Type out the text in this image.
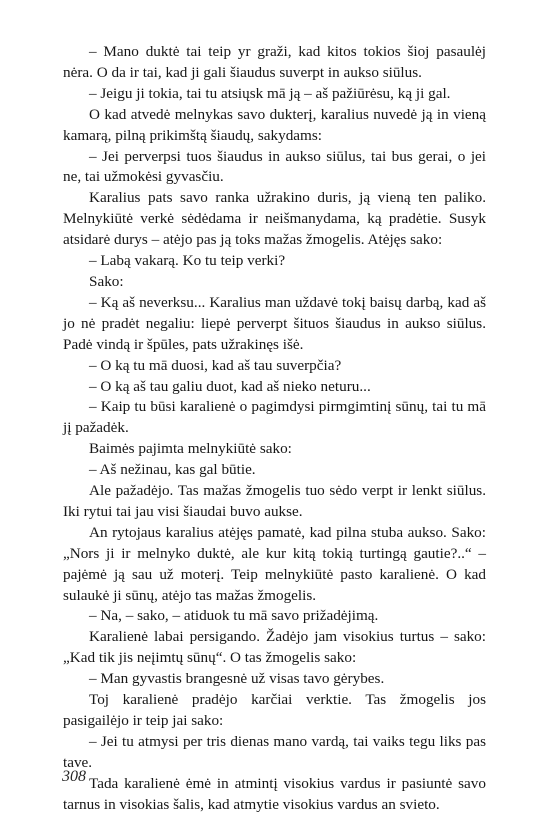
– Mano duktė tai teip yr graži, kad kitos tokios šioj pasaulėj nėra. O da ir tai, kad ji gali šiaudus suverpt in aukso siūlus.

– Jeigu ji tokia, tai tu atsiųsk mā ją – aš pažiūrėsu, ką ji gal.

O kad atvedė melnykas savo dukterį, karalius nuvedė ją in vieną kamarą, pilną prikimštą šiaudų, sakydams:

– Jei perverpsi tuos šiaudus in aukso siūlus, tai bus gerai, o jei ne, tai užmokėsi gyvasčiu.

Karalius pats savo ranka užrakino duris, ją vieną ten paliko. Melnykiūtė verkė sėdėdama ir neišmanydama, ką pradėtie. Susyk atsidarė durys – atėjo pas ją toks mažas žmogelis. Atėjęs sako:

– Labą vakarą. Ko tu teip verki?

Sako:

– Ką aš neverksu... Karalius man uždavė tokį baisų darbą, kad aš jo nė pradėt negaliu: liepė perverpt šituos šiaudus in aukso siūlus. Padė vindą ir špūles, pats užrakinęs išė.

– O ką tu mā duosi, kad aš tau suverpčia?

– O ką aš tau galiu duot, kad aš nieko neturu...

– Kaip tu būsi karalienė o pagimdysi pirmgimtinį sūnų, tai tu mā jį pažadėk.

Baimės pajimta melnykiūtė sako:

– Aš nežinau, kas gal būtie.

Ale pažadėjo. Tas mažas žmogelis tuo sėdo verpt ir lenkt siūlus. Iki rytui tai jau visi šiaudai buvo aukse.

An rytojaus karalius atėjęs pamatė, kad pilna stuba aukso. Sako: „Nors ji ir melnyko duktė, ale kur kitą tokią turtingą gautie?..“ – pajėmė ją sau už moterį. Teip melnykiūtė pasto karalienė. O kad sulaukė ji sūnų, atėjo tas mažas žmogelis.

– Na, – sako, – atiduok tu mā savo prižadėjimą.

Karalienė labai persigando. Žadėjo jam visokius turtus – sako: „Kad tik jis neįimtų sūnų“. O tas žmogelis sako:

– Man gyvastis brangesnė už visas tavo gėrybes.

Toj karalienė pradėjo karčiai verktie. Tas žmogelis jos pasigailėjo ir teip jai sako:

– Jei tu atmysi per tris dienas mano vardą, tai vaiks tegu liks pas tave.

Tada karalienė ėmė in atmintį visokius vardus ir pasiuntė savo tarnus in visokias šalis, kad atmytie visokius vardus an svieto.

308
